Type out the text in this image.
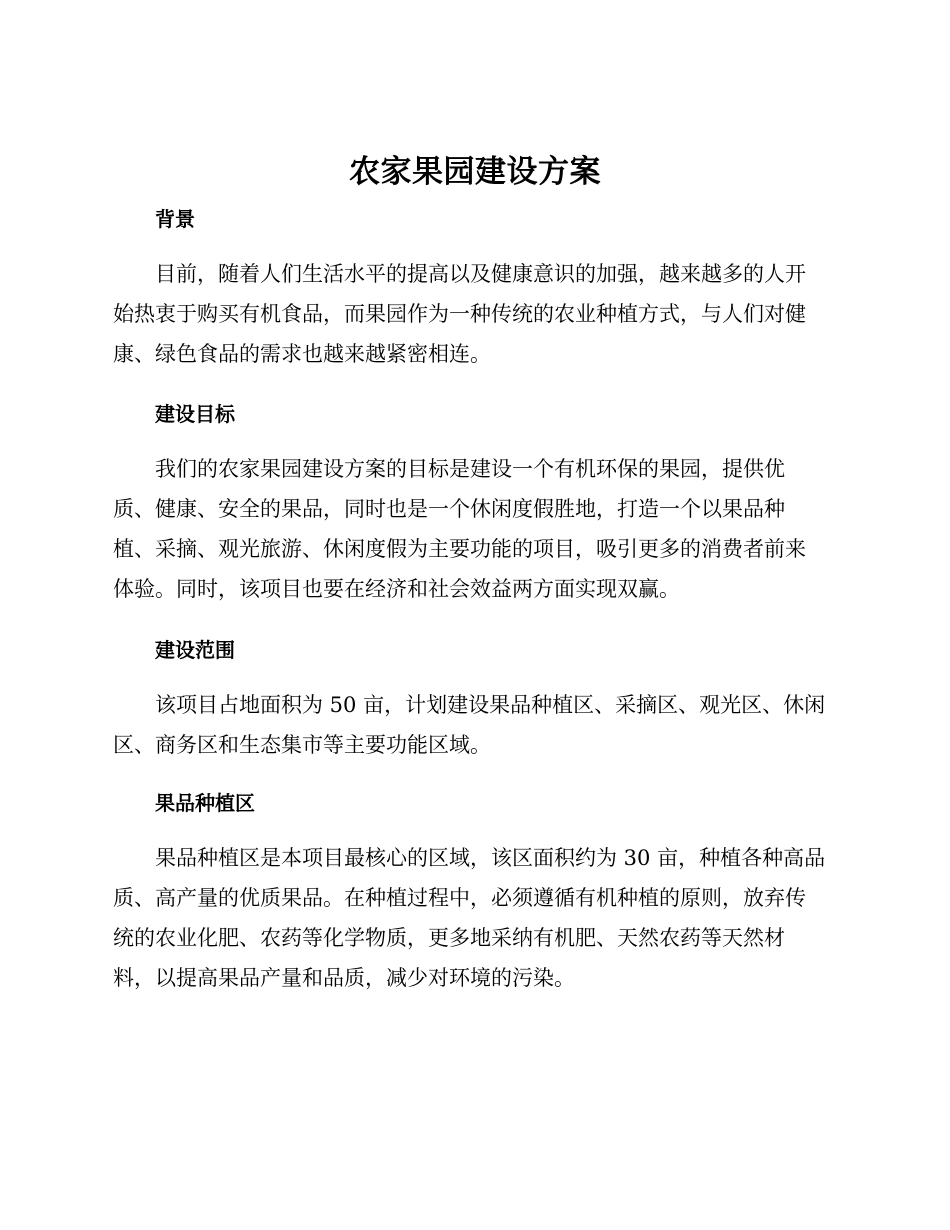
农家果园建设方案
背景
目前，随着人们生活水平的提高以及健康意识的加强，越来越多的人开
始热衷于购买有机食品，而果园作为一种传统的农业种植方式，与人们对健
康、绿色食品的需求也越来越紧密相连。
建设目标
我们的农家果园建设方案的目标是建设一个有机环保的果园，提供优
质、健康、安全的果品，同时也是一个休闲度假胜地，打造一个以果品种
植、采摘、观光旅游、休闲度假为主要功能的项目，吸引更多的消费者前来
体验。同时，该项目也要在经济和社会效益两方面实现双赢。
建设范围
该项目占地面积为 50 亩，计划建设果品种植区、采摘区、观光区、休闲
区、商务区和生态集市等主要功能区域。
果品种植区
果品种植区是本项目最核心的区域，该区面积约为 30 亩，种植各种高品
质、高产量的优质果品。在种植过程中，必须遵循有机种植的原则，放弃传
统的农业化肥、农药等化学物质，更多地采纳有机肥、天然农药等天然材
料，以提高果品产量和品质，减少对环境的污染。
